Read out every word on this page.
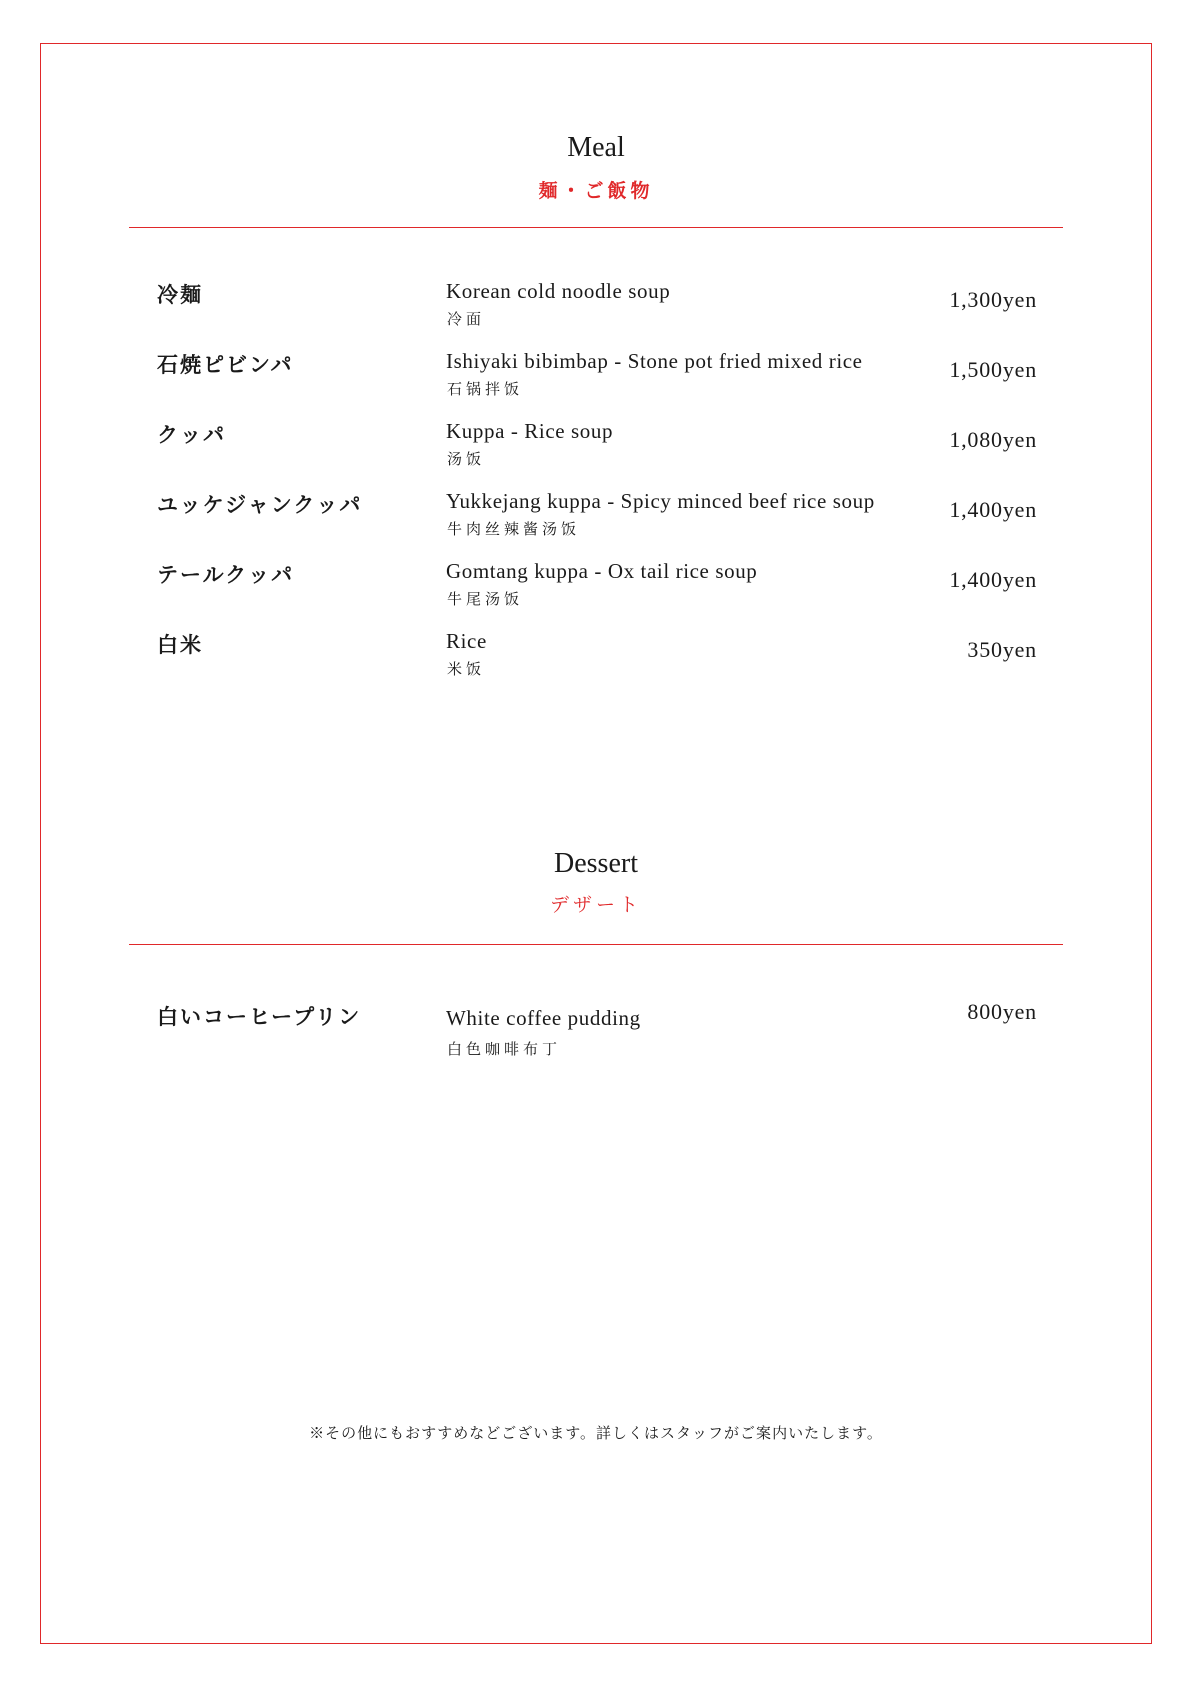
Meal
麺・ご飯物
冷麺	Korean cold noodle soup
冷面
1,300yen
石焼ピビンパ	Ishiyaki bibimbap - Stone pot fried mixed rice
石锅拌饭
1,500yen
クッパ	Kuppa - Rice soup
汤饭
1,080yen
ユッケジャンクッパ	Yukkejang kuppa - Spicy minced beef rice soup
牛肉丝辣酱汤饭
1,400yen
テールクッパ	Gomtang kuppa - Ox tail rice soup
牛尾汤饭
1,400yen
白米	Rice
米饭
350yen
Dessert
デザート
白いコーヒープリン	White coffee pudding
白色咖啡布丁
800yen
※その他にもおすすめなどございます。詳しくはスタッフがご案内いたします。
